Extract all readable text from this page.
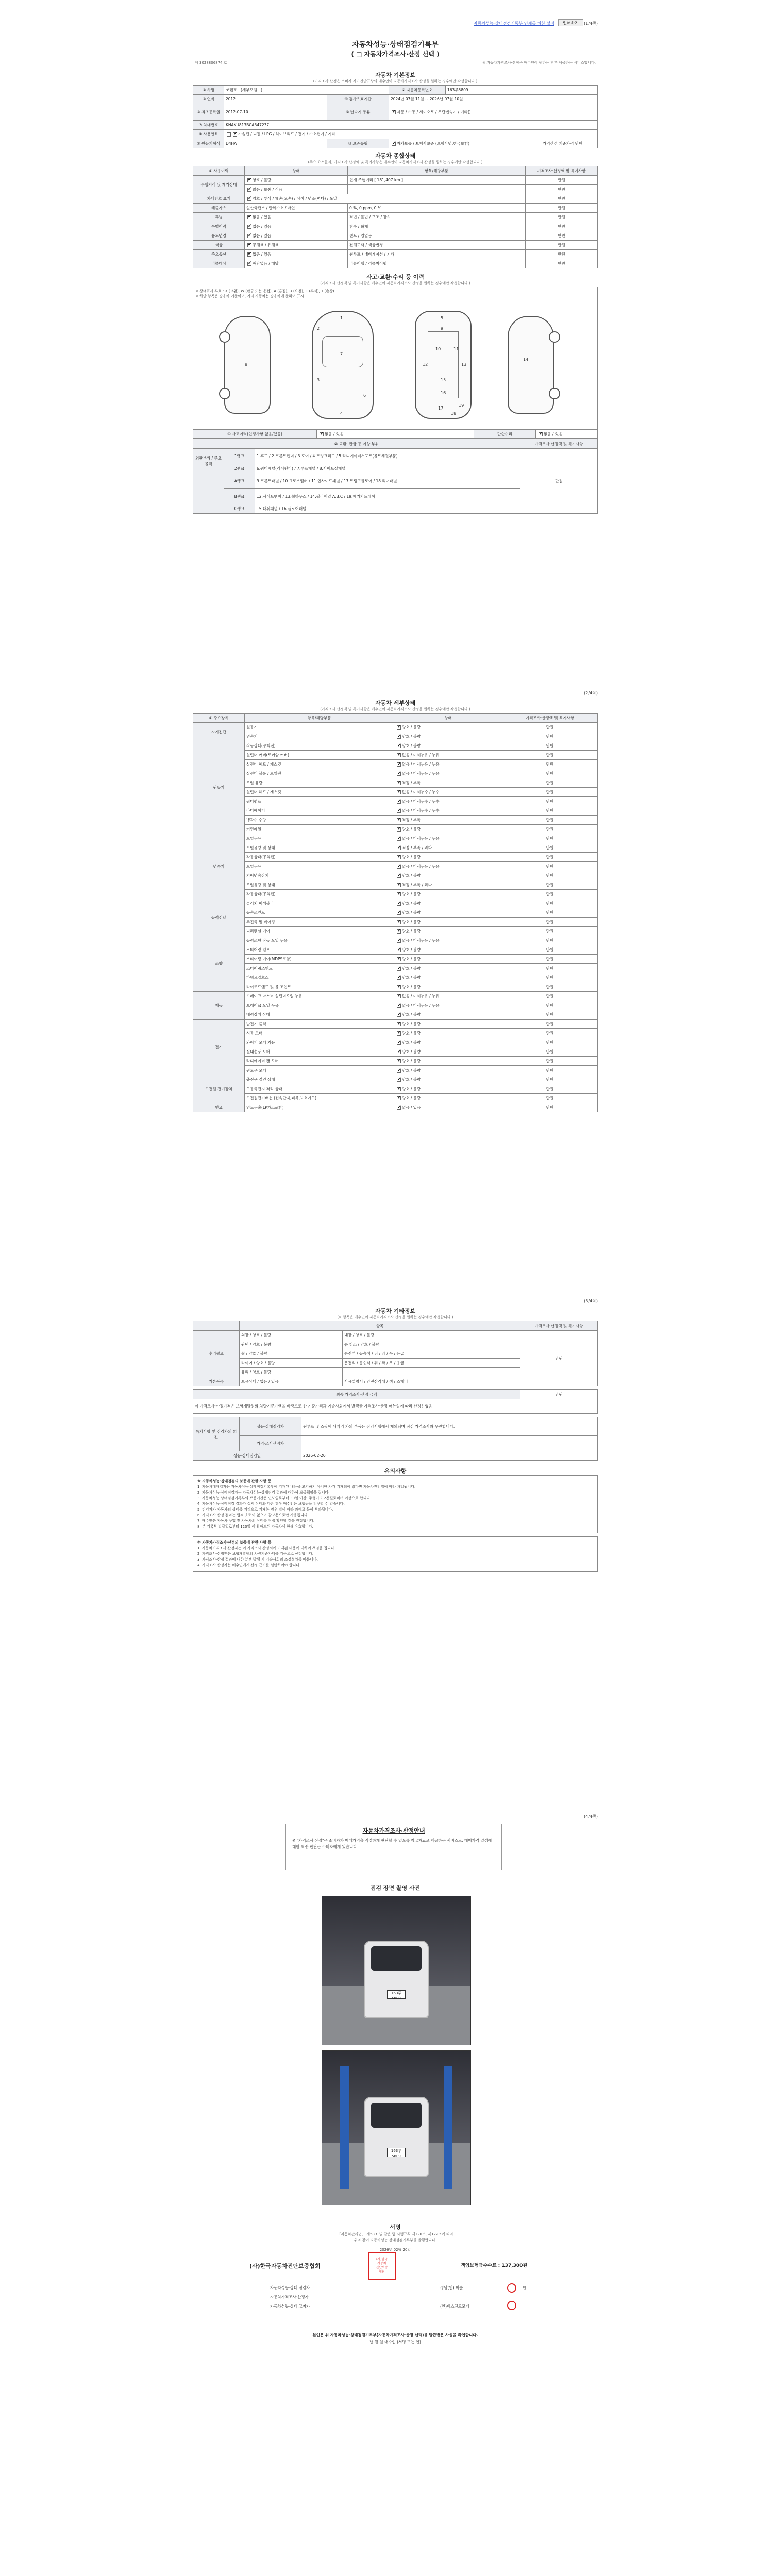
자동차성능·상태점검기록부 인쇄를 위한 설정	인쇄하기	(1/4쪽)
자동차성능·상태점검기록부
( □ 자동차가격조사·산정 선택 )
제 3028806874 호	※ 자동차가격조사·산정은 매수인이 원하는 경우 제공하는 서비스입니다.
자동차 기본정보
(가격조사·산정은 소비자 자가진단표상의 매수인이 자동차가격조사·산정을 원하는 경우에만 작성합니다.)
① 차명	쏘렌토 (세부모델 : )		② 자동차등록번호	163루5809	
③ 연식	2012	④ 검사유효기간	2024년 07월 11일 ~ 2026년 07월 10일		
⑤ 최초등록일	2012-07-10	⑥ 변속기 종류	✔자동 / 수동 / 세미오토 / 무단변속기 / 기타()
⑦ 차대번호	KNAKU813BCA347237				
⑧ 사용연료	✔가솔린 / 디젤 / LPG / 하이브리드 / 전기 / 수소전기 / 기타
⑨ 원동기형식	D4HA	⑩ 보증유형	✔자가보증 / 보험사보증 (보험사명:한국보험)		가격산정 기준가격 만원
자동차 종합상태
(주요 요소들과, 가격조사·산정액 및 특기사항은 매수인이 자동차가격조사·산정을 원하는 경우에만 작성합니다.)
① 사용이력	상태	항목/해당부품	가격조사·산정액 및 특기사항
주행거리 및 계기상태	✔양호 / 불량	현재 주행거리 [ 181,407 km ]	만원
✔많음 / 보통 / 적음		만원
차대번호 표기	✔양호 / 부식 / 훼손(오손) / 상이 / 변조(변타) / 도말		만원
배출가스	일산화탄소 / 탄화수소 / 매연	0 %, 0 ppm, 0 %	만원
튜닝	✔없음 / 있음	적법 / 불법 / 구조 / 장치	만원
특별이력	✔없음 / 있음	침수 / 화재	만원
용도변경	✔없음 / 있음	렌트 / 영업용	만원
색상	✔무채색 / 유채색	전체도색 / 색상변경	만원
주요옵션	✔없음 / 있음	썬루프 / 네비게이션 / 기타	만원
리콜대상	✔해당없음 / 해당	리콜이행 / 리콜미이행	만원
사고·교환·수리 등 이력
(가격조사·산정액 및 특기사항은 매수인이 자동차가격조사·산정을 원하는 경우에만 작성합니다.)
※ 상태표시 부호 : X (교환), W (판금 또는 용접), A (흠집), U (요철), C (부식), T (손상)
※ 하단 항목은 승용차 기준이며, 기타 자동차는 승용차에 준하여 표시
1
2
3
4
5
6
7
8
9
10	11
12	13
14
15
16
17
18
19
① 사고이력(인정사항 없음/있음)	✔없음 / 있음	단순수리	✔없음 / 있음
② 교환, 판금 등 이상 부위			가격조사·산정액 및 특기사항
외판부위 / 주요골격	1랭크	1.후드 / 2.프론트펜더 / 3.도어 / 4.트렁크리드 / 5.라디에이터서포트(볼트체결부품)	만원
	2랭크	6.쿼터패널(리어펜더) / 7.루프패널 / 8.사이드실패널	
	A랭크	9.프론트패널 / 10.크로스멤버 / 11.인사이드패널 / 17.트렁크플로어 / 18.리어패널	
	B랭크	12.사이드멤버 / 13.휠하우스 / 14.필러패널 A,B,C / 19.패키지트레이	
	C랭크	15.대쉬패널 / 16.플로어패널	
(2/4쪽)
자동차 세부상태
(가격조사·산정액 및 특기사항은 매수인이 자동차가격조사·산정을 원하는 경우에만 작성합니다.)
① 주요장치	항목/해당부품	상태	가격조사·산정액 및 특기사항
자기진단	원동기	✔양호 / 불량	만원
	변속기	✔양호 / 불량	만원
원동기	작동상태(공회전)	✔양호 / 불량	만원
	실린더 커버(로커암 커버)	✔없음 / 미세누유 / 누유	만원
	실린더 헤드 / 개스킷	✔없음 / 미세누유 / 누유	만원
	실린더 블록 / 오일팬	✔없음 / 미세누유 / 누유	만원
	오일 유량	✔적정 / 부족	만원
	실린더 헤드 / 개스킷	✔없음 / 미세누수 / 누수	만원
	워터펌프	✔없음 / 미세누수 / 누수	만원
	라디에이터	✔없음 / 미세누수 / 누수	만원
	냉각수 수량	✔적정 / 부족	만원
	커먼레일	✔양호 / 불량	만원
변속기	오일누유	✔없음 / 미세누유 / 누유	만원
	오일유량 및 상태	✔적정 / 부족 / 과다	만원
	작동상태(공회전)	✔양호 / 불량	만원
	오일누유	✔없음 / 미세누유 / 누유	만원
	기어변속장치	✔양호 / 불량	만원
	오일유량 및 상태	✔적정 / 부족 / 과다	만원
	작동상태(공회전)	✔양호 / 불량	만원
동력전달	클러치 어셈블리	✔양호 / 불량	만원
	등속조인트	✔양호 / 불량	만원
	추진축 및 베어링	✔양호 / 불량	만원
	디퍼렌셜 기어	✔양호 / 불량	만원
조향	동력조향 작동 오일 누유	✔없음 / 미세누유 / 누유	만원
	스티어링 펌프	✔양호 / 불량	만원
	스티어링 기어(MDPS포함)	✔양호 / 불량	만원
	스티어링조인트	✔양호 / 불량	만원
	파워고압호스	✔양호 / 불량	만원
	타이로드엔드 및 볼 조인트	✔양호 / 불량	만원
제동	브레이크 마스터 실린더오일 누유	✔없음 / 미세누유 / 누유	만원
	브레이크 오일 누유	✔없음 / 미세누유 / 누유	만원
	배력장치 상태	✔양호 / 불량	만원
전기	발전기 출력	✔양호 / 불량	만원
	시동 모터	✔양호 / 불량	만원
	와이퍼 모터 기능	✔양호 / 불량	만원
	실내송풍 모터	✔양호 / 불량	만원
	라디에이터 팬 모터	✔양호 / 불량	만원
	윈도우 모터	✔양호 / 불량	만원
고전원 전기장치	충전구 절연 상태	✔양호 / 불량	만원
	구동축전지 격리 상태	✔양호 / 불량	만원
	고전원전기배선 (접속단자,피복,보호기구)	✔양호 / 불량	만원
연료	연료누출(LP가스포함)	✔없음 / 있음	만원
(3/4쪽)
자동차 기타정보
(※ 항목은 매수인이 자동차가격조사·산정을 원하는 경우에만 작성합니다.)
	항목		가격조사·산정액 및 특기사항
수리필요	외장 / 양호 / 불량	내장 / 양호 / 불량	만원
	광택 / 양호 / 불량	룸 청소 / 양호 / 불량	
	휠 / 양호 / 불량	운전석 / 동승석 / 뒤 / 좌 / 우 / 응급	
	타이어 / 양호 / 불량	운전석 / 동승석 / 뒤 / 좌 / 우 / 응급	
	유리 / 양호 / 불량		
기본품목	보유상태 / 없음 / 있음	사용설명서 / 안전삼각대 / 잭 / 스패너	
최종 가격조사·산정 금액	만원
이 가격조사·산정가격은 보험개발원의 차량기준가액을 바탕으로 한 기준가격과 기술사회에서 발행한 가격조사·산정 매뉴얼에 따라 산정하였음
특기사항 및 점검자의 의견	성능·상태점검자	썬루프 및 스팟에 뒤짝리 가의 부품은 점검시행에서 제외되며 점검 가격조사와 무관합니다.
	가격·조사산정자	
성능·상태점검일		2026-02-20
유의사항
※ 자동차성능·상태점검의 보증에 관한 사항 등
1. 자동차매매업자는 자동차성능·상태점검기록부에 기재된 내용을 고지하지 아니한 자가 기재되어 있다면 자동차관리법에 따라 처벌됩니다.
2. 자동차성능·상태점검자는 자동차성능·상태점검 결과에 대하여 보증책임을 집니다.
3. 자동차성능·상태점검기록부의 보증기간은 인도일로부터 30일 이상, 주행거리 2천킬로미터 이상으로 합니다.
4. 자동차성능·상태점검 결과가 실제 상태와 다른 경우 매수인은 보험금을 청구할 수 있습니다.
5. 점검자가 자동차의 상태를 거짓으로 기재한 경우 법에 따라 과태료 등이 부과됩니다.
6. 가격조사·산정 결과는 법적 효력이 없으며 참고용으로만 사용됩니다.
7. 매수인은 자동차 구입 전 자동차의 상태를 직접 확인할 것을 권장합니다.
8. 본 기록부 발급일로부터 120일 이내 매도된 자동차에 한해 유효합니다.
※ 자동차가격조사·산정의 보증에 관한 사항 등
1. 자동차가격조사·산정자는 이 가격조사·산정서에 기재된 내용에 대하여 책임을 집니다.
2. 가격조사·산정액은 보험개발원의 차량기준가액을 기준으로 산정합니다.
3. 가격조사·산정 결과에 대한 분쟁 발생 시 기술사회의 조정절차를 따릅니다.
4. 가격조사·산정자는 매수인에게 산정 근거를 설명하여야 합니다.
(4/4쪽)
자동차가격조사·산정안내
※ "가격조사·산정"은 소비자가 매매가격을 적정하게 판단할 수 있도록 참고자료로 제공하는 서비스로, 매매가격 결정에 대한 최종 판단은 소비자에게 있습니다.
점검 장면 촬영 사진
163루5809
163루5809
서명
「자동차관리법」 제58조 및 같은 법 시행규칙 제120조, 제122조에 따라
위와 같이 자동차성능·상태점검기록부를 발행합니다.
2026년 02월 20일
(사)한국자동차진단보증협회
(사)한국
자동차
진단보증
협회
책임보험금수수료 : 137,300원
자동차성능·상태 점검자
자동차가격조사·산정자
자동차성능·상태 고지자
정남(인) 이순

(인)비스랜드모터
인
본인은 위 자동차성능·상태점검기록부(자동차가격조사·산정 선택)를 발급받은 사실을 확인합니다.
년 월 일 매수인 (서명 또는 인)
